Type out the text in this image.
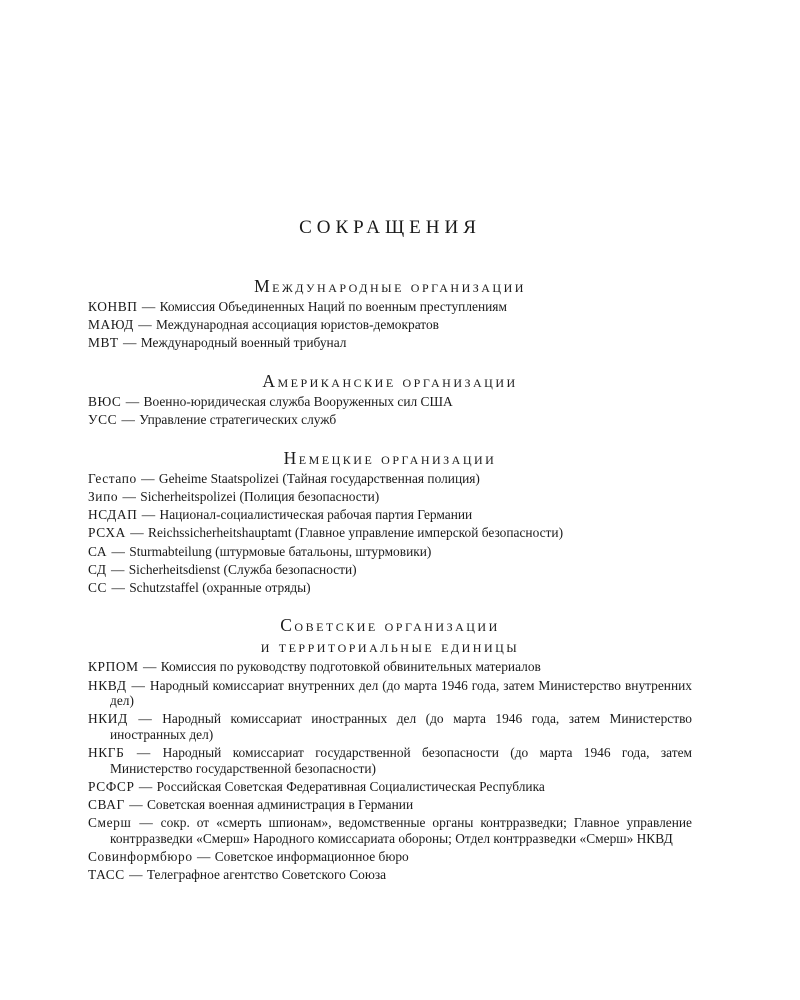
СОКРАЩЕНИЯ
Международные организации
КОНВП — Комиссия Объединенных Наций по военным преступлениям
МАЮД — Международная ассоциация юристов-демократов
МВТ — Международный военный трибунал
Американские организации
ВЮС — Военно-юридическая служба Вооруженных сил США
УСС — Управление стратегических служб
Немецкие организации
Гестапо — Geheime Staatspolizei (Тайная государственная полиция)
Зипо — Sicherheitspolizei (Полиция безопасности)
НСДАП — Национал-социалистическая рабочая партия Германии
РСХА — Reichssicherheitshauptamt (Главное управление имперской безопасности)
СА — Sturmabteilung (штурмовые батальоны, штурмовики)
СД — Sicherheitsdienst (Служба безопасности)
СС — Schutzstaffel (охранные отряды)
Советские организации
и территориальные единицы
КРПОМ — Комиссия по руководству подготовкой обвинительных материалов
НКВД — Народный комиссариат внутренних дел (до марта 1946 года, затем Министерство внутренних дел)
НКИД — Народный комиссариат иностранных дел (до марта 1946 года, затем Министерство иностранных дел)
НКГБ — Народный комиссариат государственной безопасности (до марта 1946 года, затем Министерство государственной безопасности)
РСФСР — Российская Советская Федеративная Социалистическая Республика
СВАГ — Советская военная администрация в Германии
Смерш — сокр. от «смерть шпионам», ведомственные органы контрразведки; Главное управление контрразведки «Смерш» Народного комиссариата обороны; Отдел контрразведки «Смерш» НКВД
Совинформбюро — Советское информационное бюро
ТАСС — Телеграфное агентство Советского Союза
